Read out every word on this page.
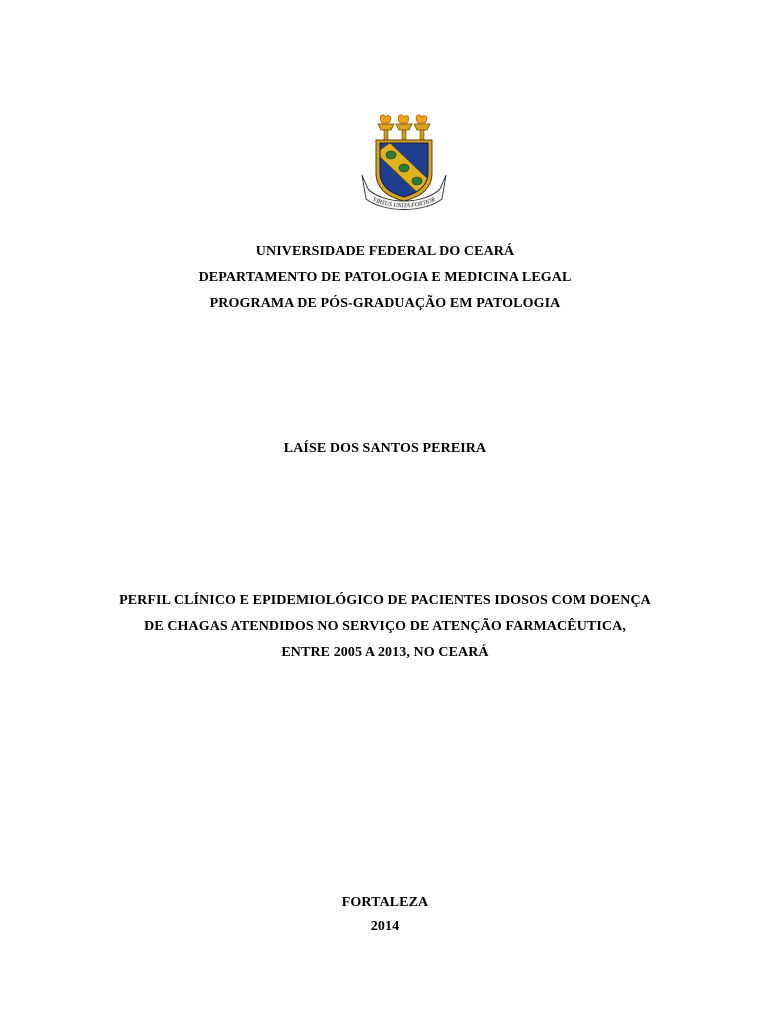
VIRTUS UNITA FORTIOR
UNIVERSIDADE FEDERAL DO CEARÁ
DEPARTAMENTO DE PATOLOGIA E MEDICINA LEGAL
PROGRAMA DE PÓS-GRADUAÇÃO EM PATOLOGIA
LAÍSE DOS SANTOS PEREIRA
PERFIL CLÍNICO E EPIDEMIOLÓGICO DE PACIENTES IDOSOS COM DOENÇA
DE CHAGAS ATENDIDOS NO SERVIÇO DE ATENÇÃO FARMACÊUTICA,
ENTRE 2005 A 2013, NO CEARÁ
FORTALEZA
2014
